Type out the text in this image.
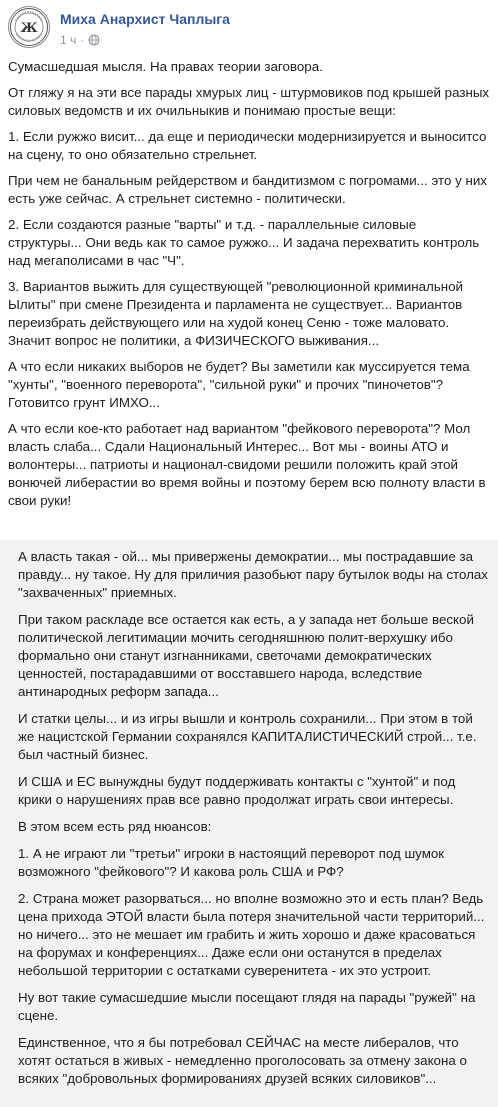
Ж
Миха Анархист Чаплыга
1 ч ·

Сумасшедшая мысля. На правах теории заговора.

От гляжу я на эти все парады хмурых лиц - штурмовиков под крышей разных силовых ведомств и их очильныкив и понимаю простые вещи:

1. Если ружжо висит... да еще и периодически модернизируется и выноситсо на сцену, то оно обязательно стрельнет.

При чем не банальным рейдерством и бандитизмом с погромами... это у них есть уже сейчас. А стрельнет системно - политически.

2. Если создаются разные "варты" и т.д. - параллельные силовые структуры... Они ведь как то самое ружжо... И задача перехватить контроль над мегаполисами в час "Ч".

3. Вариантов выжить для существующей "революционной криминальной Ылиты" при смене Президента и парламента не существует... Вариантов переизбрать действующего или на худой конец Сеню - тоже маловато. Значит вопрос не политики, а ФИЗИЧЕСКОГО выживания...

А что если никаких выборов не будет? Вы заметили как муссируется тема "хунты", "военного переворота", "сильной руки" и прочих "пиночетов"? Готовитсо грунт ИМХО...

А что если кое-кто работает над вариантом "фейкового переворота"? Мол власть слаба... Сдали Национальный Интерес... Вот мы - воины АТО и волонтеры... патриоты и национал-свидоми решили положить край этой вонючей либерастии во время войны и поэтому берем всю полноту власти в свои руки!

А власть такая - ой... мы привержены демократии... мы пострадавшие за правду... ну такое. Ну для приличия разобьют пару бутылок воды на столах "захваченных" приемных.

При таком раскладе все остается как есть, а у запада нет больше веской политической легитимации мочить сегодняшнюю полит-верхушку ибо формально они станут изгнанниками, светочами демократических ценностей, постарадавшими от восставшего народа, вследствие антинародных реформ запада...

И статки целы... и из игры вышли и контроль сохранили... При этом в той же нацистской Германии сохранялся КАПИТАЛИСТИЧЕСКИЙ строй... т.е. был частный бизнес.

И США и ЕС вынуждны будут поддерживать контакты с "хунтой" и под крики о нарушениях прав все равно продолжат играть свои интересы.

В этом всем есть ряд нюансов:

1. А не играют ли "третьи" игроки в настоящий переворот под шумок возможного "фейкового"? И какова роль США и РФ?

2. Страна может разорваться... но вполне возможно это и есть план? Ведь цена прихода ЭТОЙ власти была потеря значительной части территорий... но ничего... это не мешает им грабить и жить хорошо и даже красоваться на форумах и конференциях... Даже если они останутся в пределах небольшой территории с остатками суверенитета - их это устроит.

Ну вот такие сумасшедшие мысли посещают глядя на парады "ружей" на сцене.

Единственное, что я бы потребовал СЕЙЧАС на месте либералов, что хотят остаться в живых - немедленно проголосовать за отмену закона о всяких "добровольных формированиях друзей всяких силовиков"...
